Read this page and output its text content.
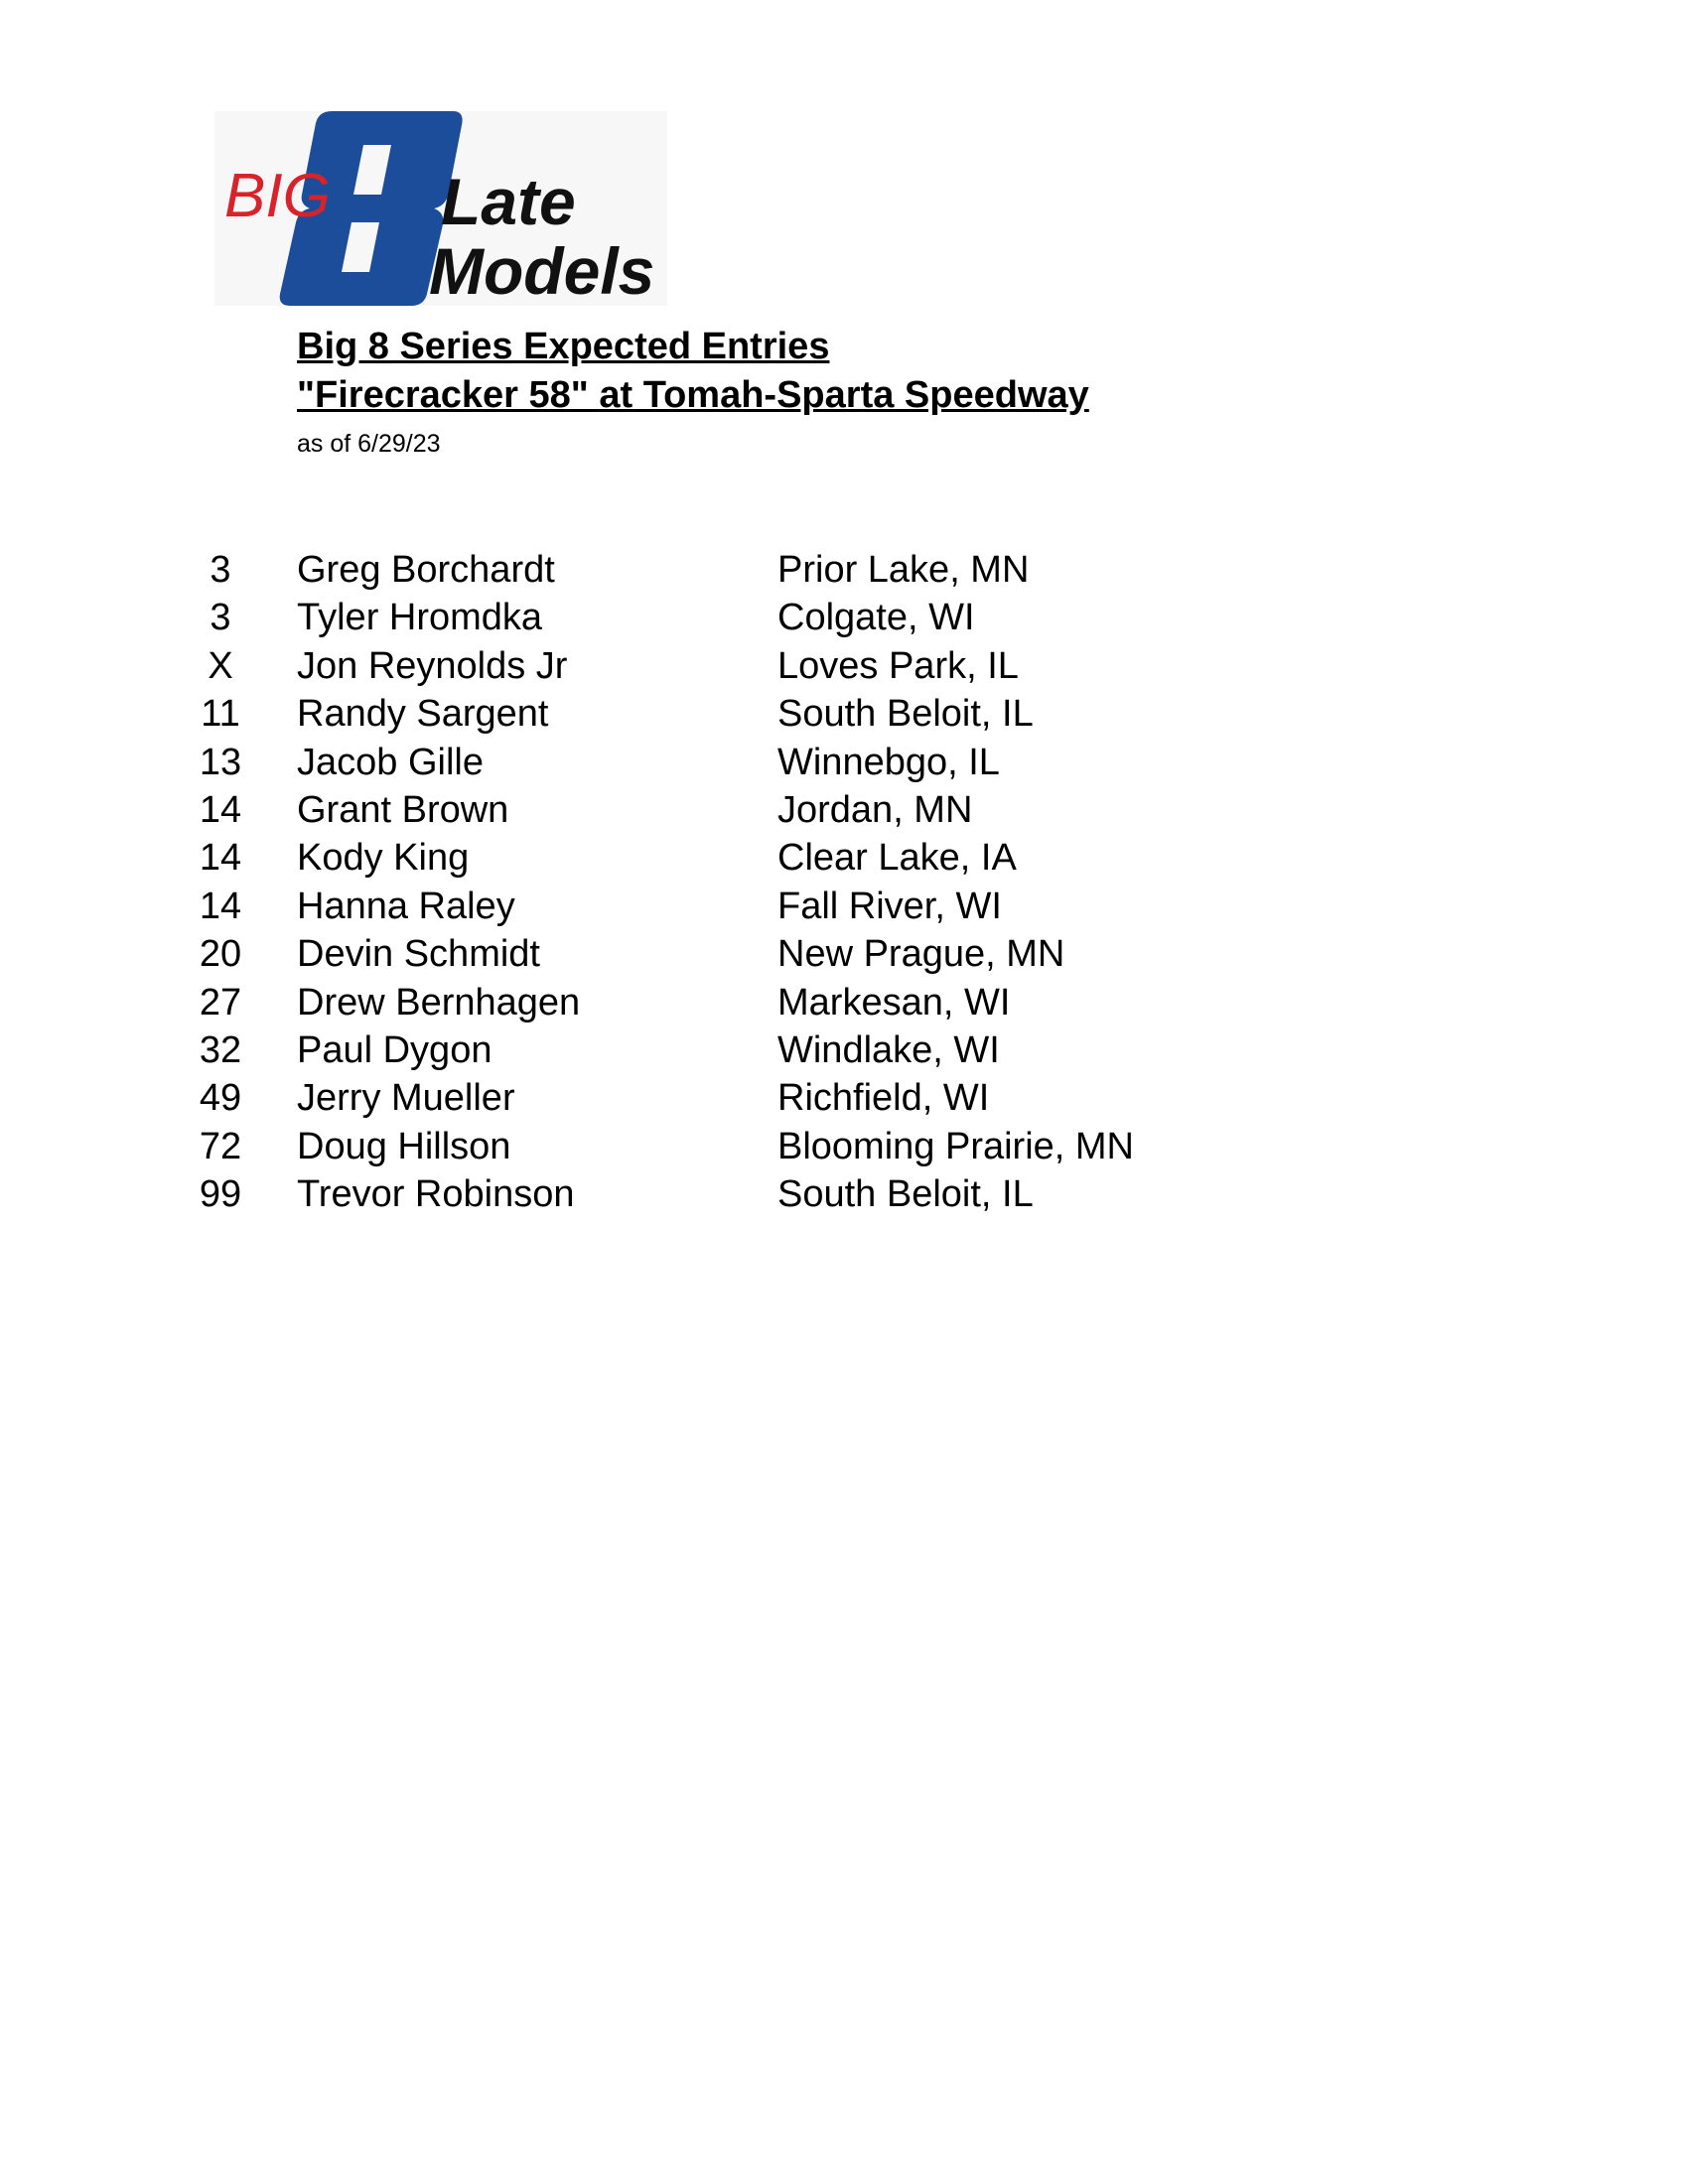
BIG Late
Models
Big 8 Series Expected Entries
"Firecracker 58" at Tomah-Sparta Speedway
as of 6/29/23
3	Greg Borchardt	Prior Lake, MN
3	Tyler Hromdka	Colgate, WI
X	Jon Reynolds Jr	Loves Park, IL
11	Randy Sargent	South Beloit, IL
13	Jacob Gille	Winnebgo, IL
14	Grant Brown	Jordan, MN
14	Kody King	Clear Lake, IA
14	Hanna Raley	Fall River, WI
20	Devin Schmidt	New Prague, MN
27	Drew Bernhagen	Markesan, WI
32	Paul Dygon	Windlake, WI
49	Jerry Mueller	Richfield, WI
72	Doug Hillson	Blooming Prairie, MN
99	Trevor Robinson	South Beloit, IL
